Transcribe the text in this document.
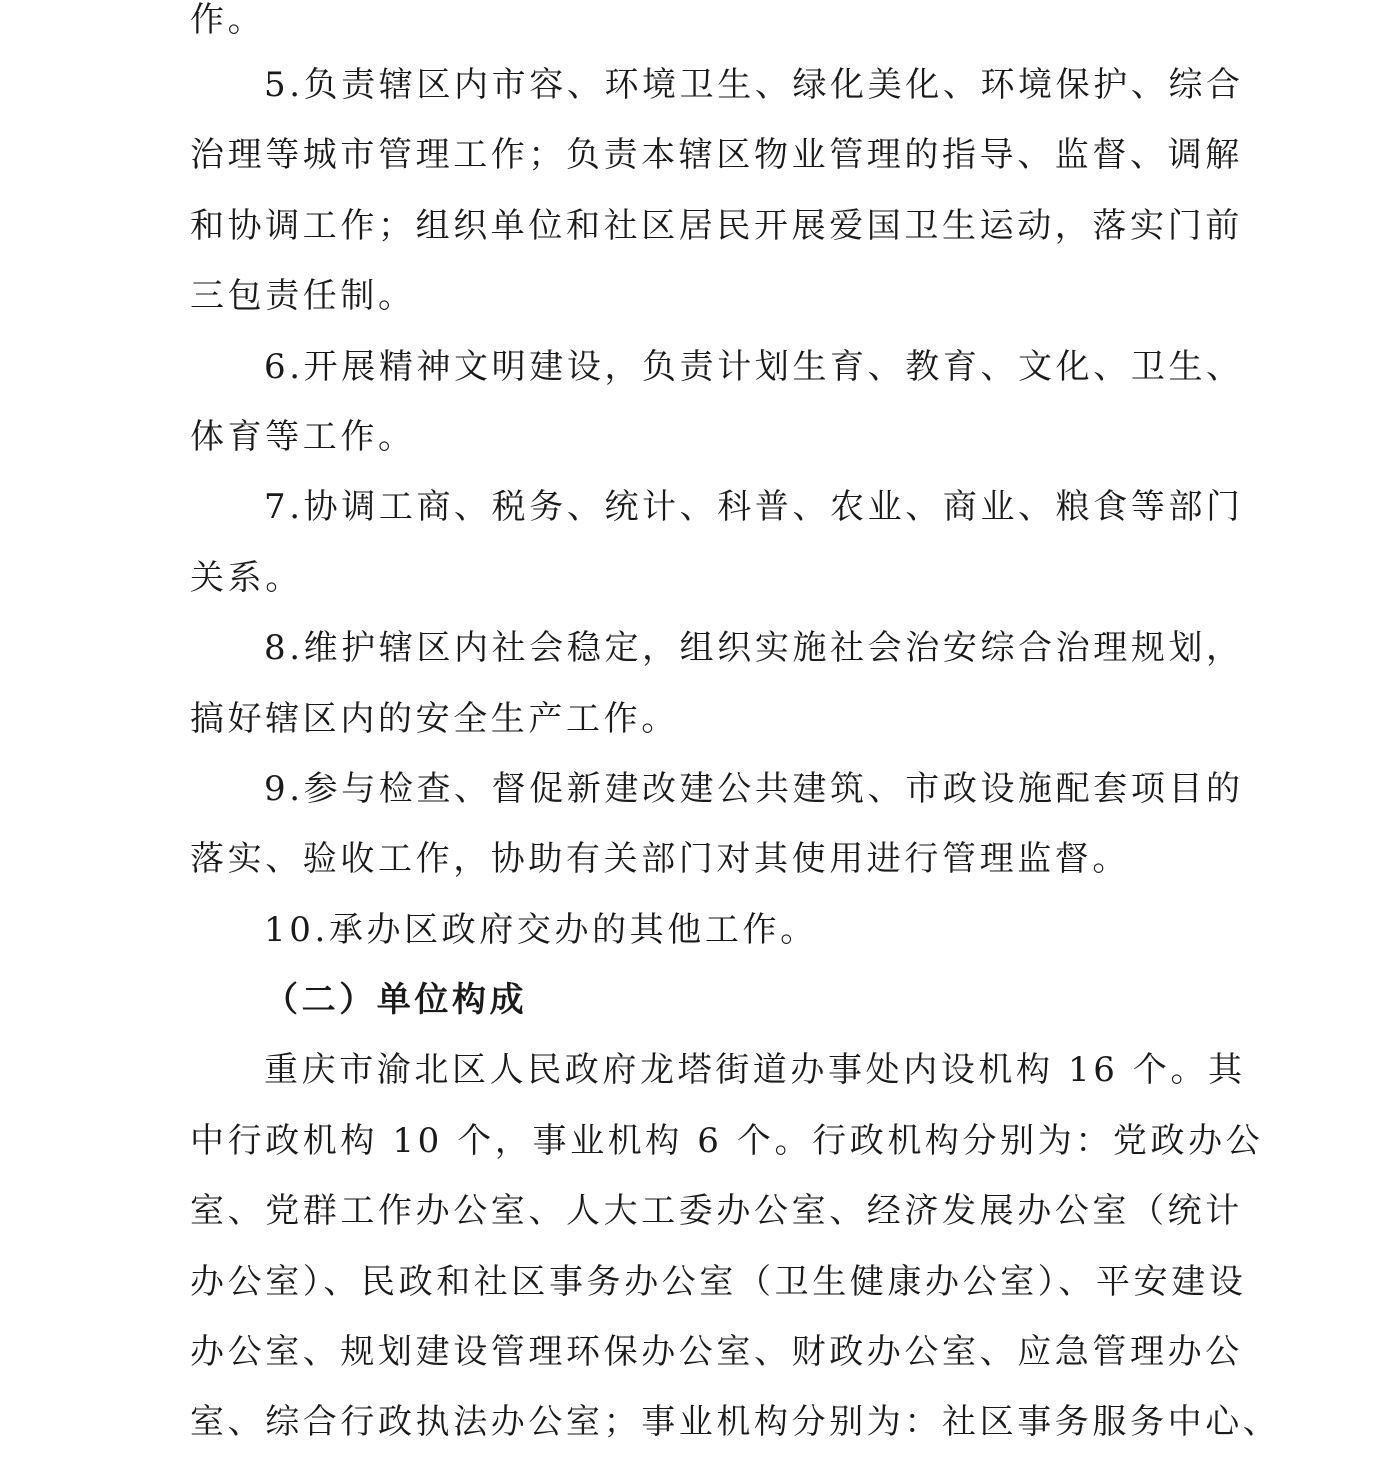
作。
5.负责辖区内市容、环境卫生、绿化美化、环境保护、综合
治理等城市管理工作；负责本辖区物业管理的指导、监督、调解
和协调工作；组织单位和社区居民开展爱国卫生运动，落实门前
三包责任制。
6.开展精神文明建设，负责计划生育、教育、文化、卫生、
体育等工作。
7.协调工商、税务、统计、科普、农业、商业、粮食等部门
关系。
8.维护辖区内社会稳定，组织实施社会治安综合治理规划，
搞好辖区内的安全生产工作。
9.参与检查、督促新建改建公共建筑、市政设施配套项目的
落实、验收工作，协助有关部门对其使用进行管理监督。
10.承办区政府交办的其他工作。
（二）单位构成
重庆市渝北区人民政府龙塔街道办事处内设机构 16 个。其
中行政机构 10 个，事业机构 6 个。行政机构分别为：党政办公
室、党群工作办公室、人大工委办公室、经济发展办公室（统计
办公室）、民政和社区事务办公室（卫生健康办公室）、平安建设
办公室、规划建设管理环保办公室、财政办公室、应急管理办公
室、综合行政执法办公室；事业机构分别为：社区事务服务中心、
